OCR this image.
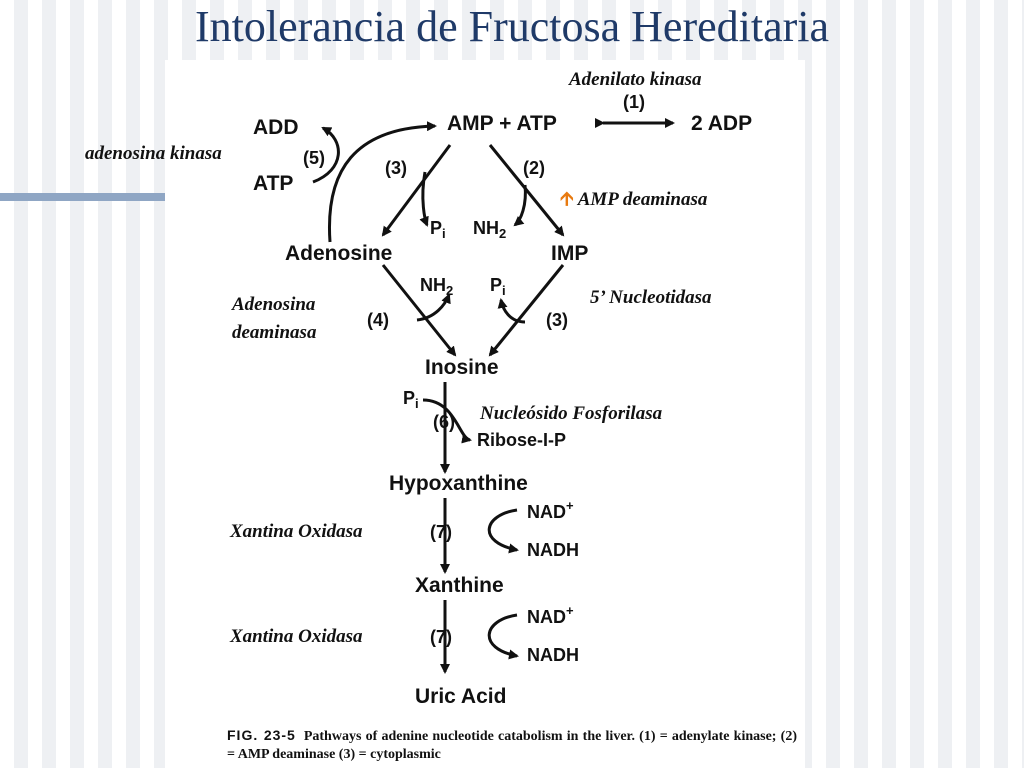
Intolerancia de Fructosa Hereditaria
Adenilato kinasa
(1)
AMP + ATP	2 ADP
ADD
adenosina kinasa	(5)
ATP
(3)	(2)
🡩 AMP deaminasa
$P_i$ $NH_2$
Adenosine	IMP
$NH_2$ $P_i$	5’ Nucleotidasa
Adenosina
deaminasa
(4)	(3)
Inosine
$P_i$	Nucleósido Fosforilasa
(6)
Ribose-I-P
Hypoxanthine
NAD+
Xantina Oxidasa	(7)
NADH
Xanthine
NAD+
Xantina Oxidasa	(7)
NADH
Uric Acid
FIG. 23-5 Pathways of adenine nucleotide catabolism in the liver. (1) = adenylate kinase; (2) = AMP deaminase (3) = cytoplasmic
